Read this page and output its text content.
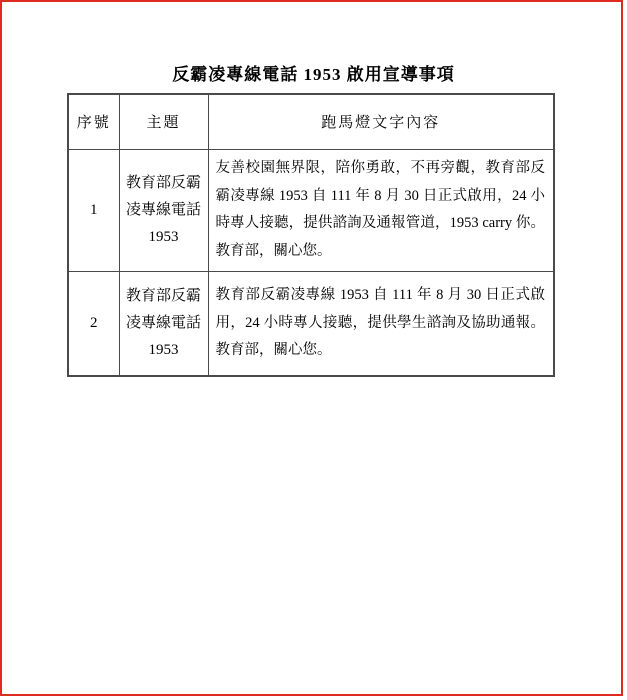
反霸凌專線電話 1953 啟用宣導事項
序號	主題	跑馬燈文字內容
1	教育部反霸凌專線電話 1953	友善校園無界限，陪你勇敢，不再旁觀，教育部反霸凌專線 1953 自 111 年 8 月 30 日正式啟用，24 小時專人接聽，提供諮詢及通報管道，1953 carry 你。教育部，關心您。
2	教育部反霸凌專線電話 1953	教育部反霸凌專線 1953 自 111 年 8 月 30 日正式啟用，24 小時專人接聽，提供學生諮詢及協助通報。教育部，關心您。
